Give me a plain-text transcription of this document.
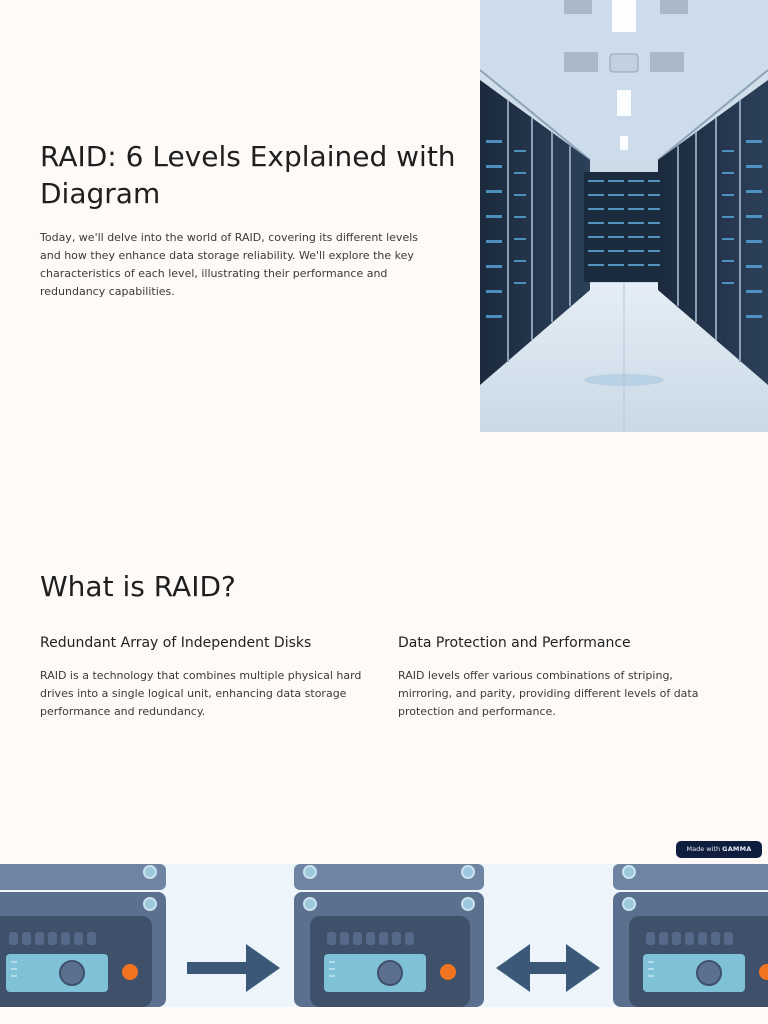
RAID: 6 Levels Explained with Diagram

Today, we'll delve into the world of RAID, covering its different levels and how they enhance data storage reliability. We'll explore the key characteristics of each level, illustrating their performance and redundancy capabilities.

What is RAID?
Redundant Array of Independent Disks

RAID is a technology that combines multiple physical hard drives into a single logical unit, enhancing data storage performance and redundancy.

Data Protection and Performance

RAID levels offer various combinations of striping, mirroring, and parity, providing different levels of data protection and performance.

Made with GAMMA
